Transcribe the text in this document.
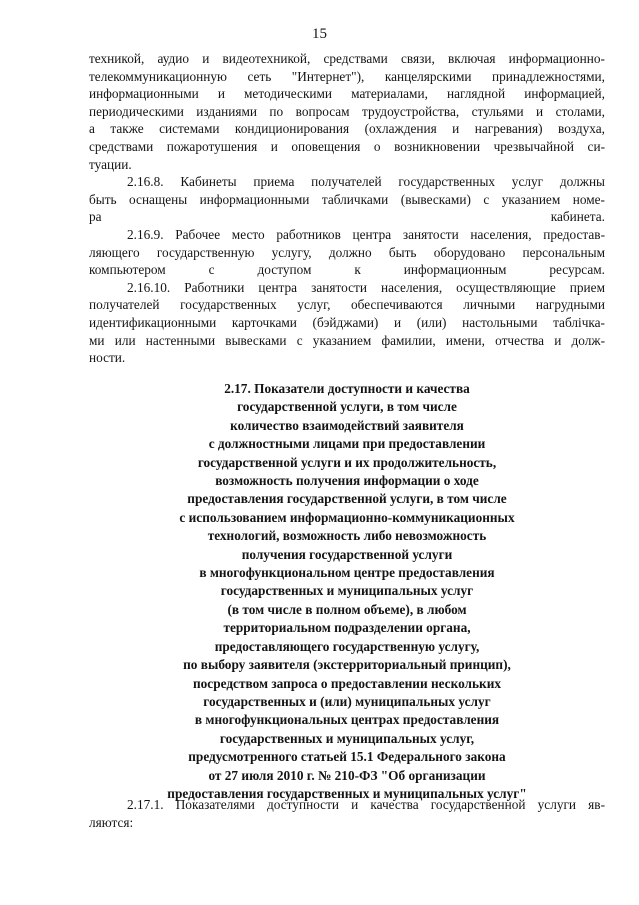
15
техникой, аудио и видеотехникой, средствами связи, включая информационно-
телекоммуникационную сеть "Интернет"), канцелярскими принадлежностями,
информационными и методическими материалами, наглядной информацией,
периодическими изданиями по вопросам трудоустройства, стульями и столами,
а также системами кондиционирования (охлаждения и нагревания) воздуха,
средствами пожаротушения и оповещения о возникновении чрезвычайной си-
туации.
2.16.8. Кабинеты приема получателей государственных услуг должны
быть оснащены информационными табличками (вывесками) с указанием номе-
ра кабинета.
2.16.9. Рабочее место работников центра занятости населения, предостав-
ляющего государственную услугу, должно быть оборудовано персональным
компьютером с доступом к информационным ресурсам.
2.16.10. Работники центра занятости населения, осуществляющие прием
получателей государственных услуг, обеспечиваются личными нагрудными
идентификационными карточками (бэйджами) и (или) настольными таблічка-
ми или настенными вывесками с указанием фамилии, имени, отчества и долж-
ности.
2.17. Показатели доступности и качества
государственной услуги, в том числе
количество взаимодействий заявителя
с должностными лицами при предоставлении
государственной услуги и их продолжительность,
возможность получения информации о ходе
предоставления государственной услуги, в том числе
с использованием информационно-коммуникационных
технологий, возможность либо невозможность
получения государственной услуги
в многофункциональном центре предоставления
государственных и муниципальных услуг
(в том числе в полном объеме), в любом
территориальном подразделении органа,
предоставляющего государственную услугу,
по выбору заявителя (экстерриториальный принцип),
посредством запроса о предоставлении нескольких
государственных и (или) муниципальных услуг
в многофункциональных центрах предоставления
государственных и муниципальных услуг,
предусмотренного статьей 15.1 Федерального закона
от 27 июля 2010 г. № 210-ФЗ "Об организации
предоставления государственных и муниципальных услуг"
2.17.1. Показателями доступности и качества государственной услуги яв-
ляются:
